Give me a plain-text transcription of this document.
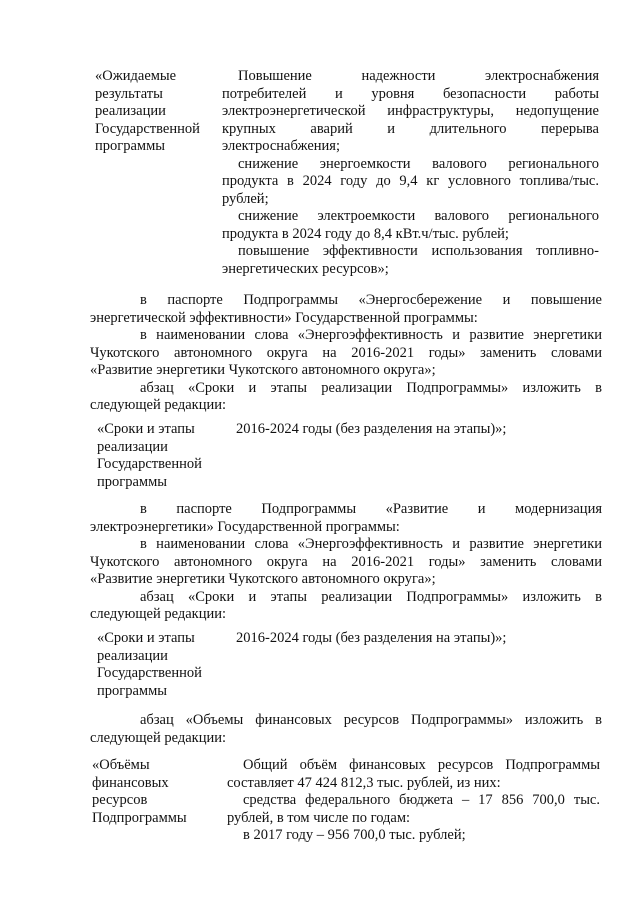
«Ожидаемые
результаты
реализации
Государственной
программы
Повышение надежности электроснабжения
потребителей и уровня безопасности работы
электроэнергетической инфраструктуры, недопущение
крупных аварий и длительного перерыва
электроснабжения;
снижение энергоемкости валового регионального
продукта в 2024 году до 9,4 кг условного топлива/тыс.
рублей;
снижение электроемкости валового регионального
продукта в 2024 году до 8,4 кВт.ч/тыс. рублей;
повышение эффективности использования топливно-
энергетических ресурсов»;
в паспорте Подпрограммы «Энергосбережение и повышение
энергетической эффективности» Государственной программы:
в наименовании слова «Энергоэффективность и развитие энергетики
Чукотского автономного округа на 2016-2021 годы» заменить словами
«Развитие энергетики Чукотского автономного округа»;
абзац «Сроки и этапы реализации Подпрограммы» изложить в
следующей редакции:
«Сроки и этапы
реализации
Государственной
программы
2016-2024 годы (без разделения на этапы)»;
в паспорте Подпрограммы «Развитие и модернизация
электроэнергетики» Государственной программы:
в наименовании слова «Энергоэффективность и развитие энергетики
Чукотского автономного округа на 2016-2021 годы» заменить словами
«Развитие энергетики Чукотского автономного округа»;
абзац «Сроки и этапы реализации Подпрограммы» изложить в
следующей редакции:
«Сроки и этапы
реализации
Государственной
программы
2016-2024 годы (без разделения на этапы)»;
абзац «Объемы финансовых ресурсов Подпрограммы» изложить в
следующей редакции:
«Объёмы
финансовых
ресурсов
Подпрограммы
Общий объём финансовых ресурсов Подпрограммы
составляет 47 424 812,3 тыс. рублей, из них:
средства федерального бюджета – 17 856 700,0 тыс.
рублей, в том числе по годам:
в 2017 году – 956 700,0 тыс. рублей;
